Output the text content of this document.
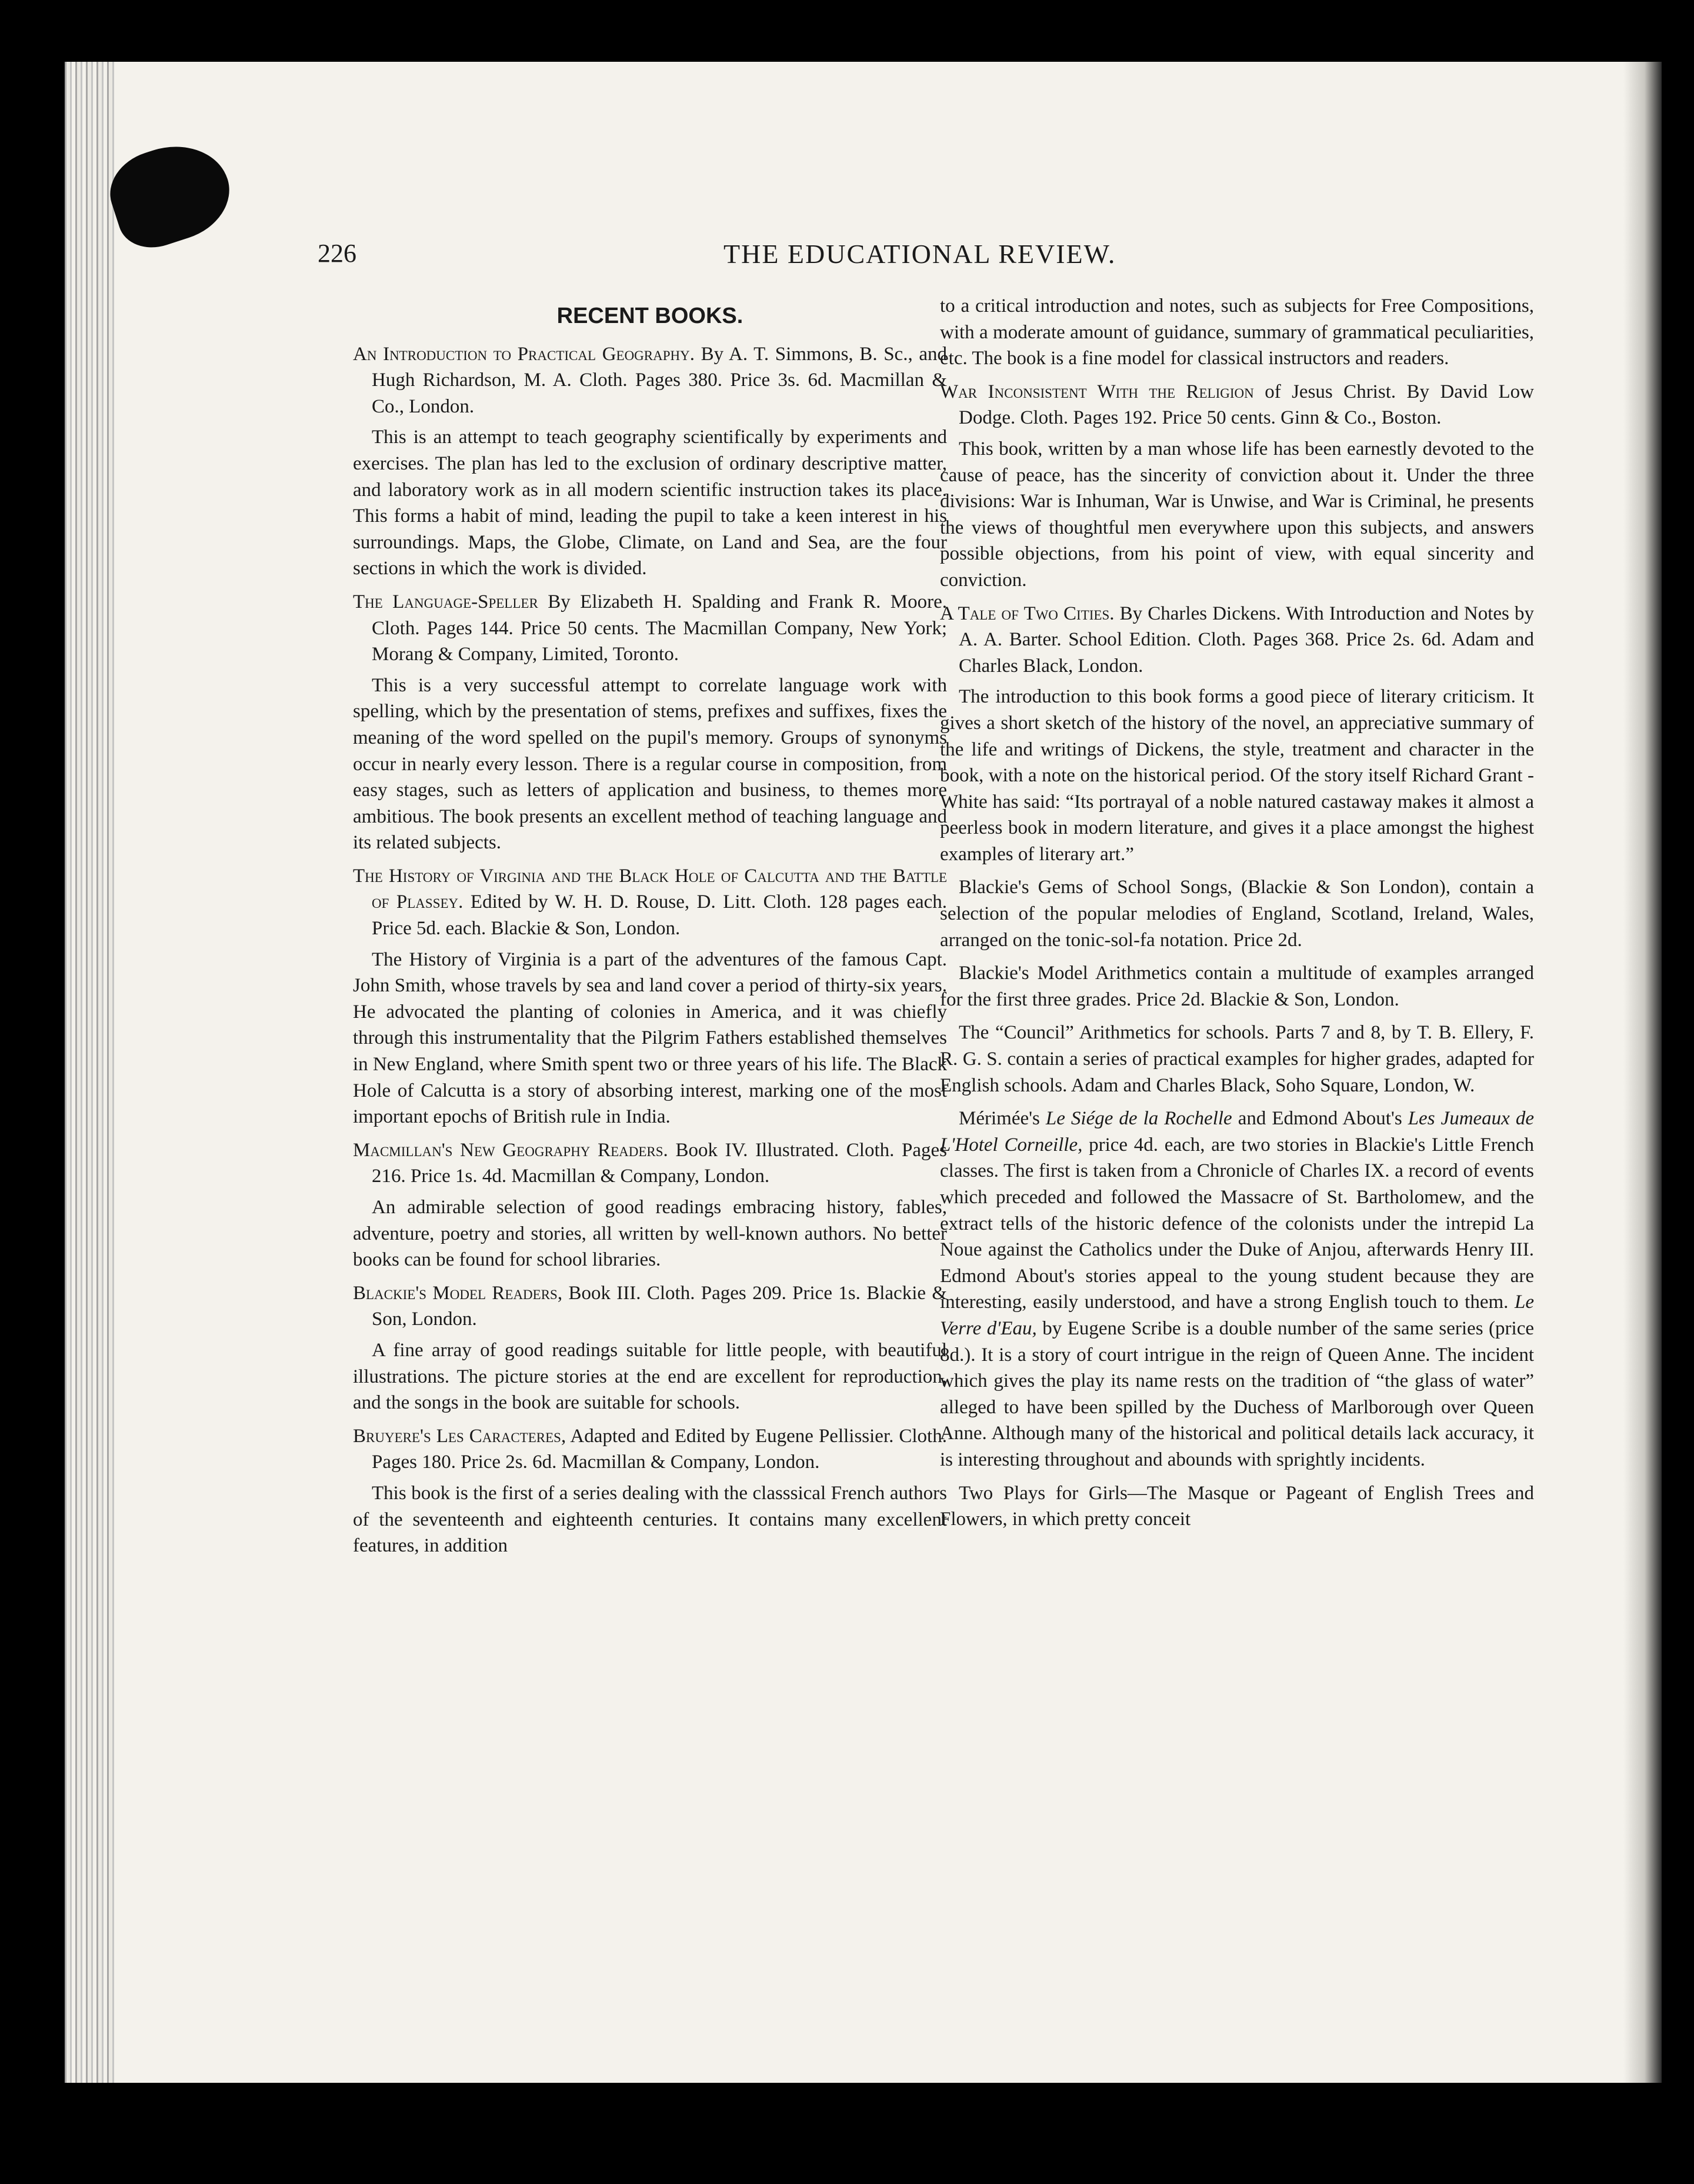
226	THE EDUCATIONAL REVIEW.
RECENT BOOKS.

An Introduction to Practical Geography. By A. T. Simmons, B. Sc., and Hugh Richardson, M. A. Cloth. Pages 380. Price 3s. 6d. Macmillan & Co., London.

This is an attempt to teach geography scientifically by experiments and exercises. The plan has led to the exclusion of ordinary descriptive matter, and laboratory work as in all modern scientific instruction takes its place. This forms a habit of mind, leading the pupil to take a keen interest in his surroundings. Maps, the Globe, Climate, on Land and Sea, are the four sections in which the work is divided.

The Language-Speller By Elizabeth H. Spalding and Frank R. Moore. Cloth. Pages 144. Price 50 cents. The Macmillan Company, New York; Morang & Company, Limited, Toronto.

This is a very successful attempt to correlate language work with spelling, which by the presentation of stems, prefixes and suffixes, fixes the meaning of the word spelled on the pupil's memory. Groups of synonyms occur in nearly every lesson. There is a regular course in composition, from easy stages, such as letters of application and business, to themes more ambitious. The book presents an excellent method of teaching language and its related subjects.

The History of Virginia and the Black Hole of Calcutta and the Battle of Plassey. Edited by W. H. D. Rouse, D. Litt. Cloth. 128 pages each. Price 5d. each. Blackie & Son, London.

The History of Virginia is a part of the adventures of the famous Capt. John Smith, whose travels by sea and land cover a period of thirty-six years. He advocated the planting of colonies in America, and it was chiefly through this instrumentality that the Pilgrim Fathers established themselves in New England, where Smith spent two or three years of his life. The Black Hole of Calcutta is a story of absorbing interest, marking one of the most important epochs of British rule in India.

Macmillan's New Geography Readers. Book IV. Illustrated. Cloth. Pages 216. Price 1s. 4d. Macmillan & Company, London.

An admirable selection of good readings embracing history, fables, adventure, poetry and stories, all written by well-known authors. No better books can be found for school libraries.

Blackie's Model Readers, Book III. Cloth. Pages 209. Price 1s. Blackie & Son, London.

A fine array of good readings suitable for little people, with beautiful illustrations. The picture stories at the end are excellent for reproduction, and the songs in the book are suitable for schools.

Bruyere's Les Caracteres, Adapted and Edited by Eugene Pellissier. Cloth. Pages 180. Price 2s. 6d. Macmillan & Company, London.

This book is the first of a series dealing with the classsical French authors of the seventeenth and eighteenth centuries. It contains many excellent features, in addition

to a critical introduction and notes, such as subjects for Free Compositions, with a moderate amount of guidance, summary of grammatical peculiarities, etc. The book is a fine model for classical instructors and readers.

War Inconsistent With the Religion of Jesus Christ. By David Low Dodge. Cloth. Pages 192. Price 50 cents. Ginn & Co., Boston.

This book, written by a man whose life has been earnestly devoted to the cause of peace, has the sincerity of conviction about it. Under the three divisions: War is Inhuman, War is Unwise, and War is Criminal, he presents the views of thoughtful men everywhere upon this subjects, and answers possible objections, from his point of view, with equal sincerity and conviction.

A Tale of Two Cities. By Charles Dickens. With Introduction and Notes by A. A. Barter. School Edition. Cloth. Pages 368. Price 2s. 6d. Adam and Charles Black, London.

The introduction to this book forms a good piece of literary criticism. It gives a short sketch of the history of the novel, an appreciative summary of the life and writings of Dickens, the style, treatment and character in the book, with a note on the historical period. Of the story itself Richard Grant - White has said: “Its portrayal of a noble natured castaway makes it almost a peerless book in modern literature, and gives it a place amongst the highest examples of literary art.”

Blackie's Gems of School Songs, (Blackie & Son London), contain a selection of the popular melodies of England, Scotland, Ireland, Wales, arranged on the tonic-sol-fa notation. Price 2d.

Blackie's Model Arithmetics contain a multitude of examples arranged for the first three grades. Price 2d. Blackie & Son, London.

The “Council” Arithmetics for schools. Parts 7 and 8, by T. B. Ellery, F. R. G. S. contain a series of practical examples for higher grades, adapted for English schools. Adam and Charles Black, Soho Square, London, W.

Mérimée's Le Siége de la Rochelle and Edmond About's Les Jumeaux de L'Hotel Corneille, price 4d. each, are two stories in Blackie's Little French classes. The first is taken from a Chronicle of Charles IX. a record of events which preceded and followed the Massacre of St. Bartholomew, and the extract tells of the historic defence of the colonists under the intrepid La Noue against the Catholics under the Duke of Anjou, afterwards Henry III. Edmond About's stories appeal to the young student because they are interesting, easily understood, and have a strong English touch to them. Le Verre d'Eau, by Eugene Scribe is a double number of the same series (price 8d.). It is a story of court intrigue in the reign of Queen Anne. The incident which gives the play its name rests on the tradition of “the glass of water” alleged to have been spilled by the Duchess of Marlborough over Queen Anne. Although many of the historical and political details lack accuracy, it is interesting throughout and abounds with sprightly incidents.

Two Plays for Girls—The Masque or Pageant of English Trees and Flowers, in which pretty conceit
